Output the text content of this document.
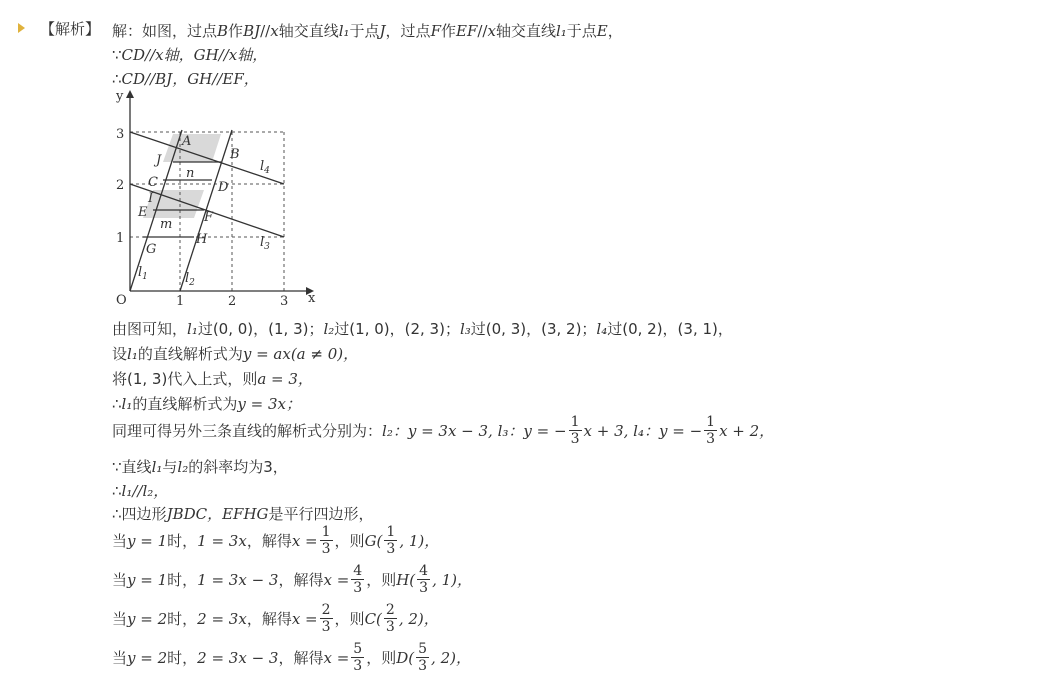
【解析】 解：如图，过点 B 作 BJ // x 轴交直线 l₁ 于点 J ，过点 F 作 EF // x 轴交直线 l₁ 于点 E ，
∵ CD//x轴，GH//x轴，
∴ CD//BJ，GH//EF，
x
y
O	1	2	3
1
2
3	A
B
J
C	D
n
I
E	F
m
G
H
$l_1$	$l_2$
$l_3$
$l_4$
由图可知， l₁ 过(0, 0)，(1, 3)； l₂ 过(1, 0)，(2, 3)； l₃ 过(0, 3)，(3, 2)； l₄ 过(0, 2)，(3, 1)，
设 l₁ 的直线解析式为 y = ax(a ≠ 0)，
将(1, 3)代入上式，则 a = 3，
∴ l₁ 的直线解析式为 y = 3x；
同理可得另外三条直线的解析式分别为： l₂： y = 3x − 3,
l₃： y = − $\frac{1}{3}$ x + 3,
l₄： y = − $\frac{1}{3}$ x + 2，
∵ 直线 l₁ 与 l₂ 的斜率均为3，
∴ l₁//l₂，
∴ 四边形 JBDC，EFHG 是平行四边形，
当 y = 1 时， 1 = 3x ，解得 $x = \frac{1}{3}$ ，则 $G( \frac{1}{3}$ , 1)，
当 y = 1 时， 1 = 3x − 3 ，解得 $x = \frac{4}{3}$ ，则 $H( \frac{4}{3}$ , 1)，
当 y = 2 时， 2 = 3x ，解得 $x = \frac{2}{3}$ ，则 $C( \frac{2}{3}$ , 2)，
当 y = 2 时， 2 = 3x − 3 ，解得 $x = \frac{5}{3}$ ，则 $D( \frac{5}{3}$ , 2)，
